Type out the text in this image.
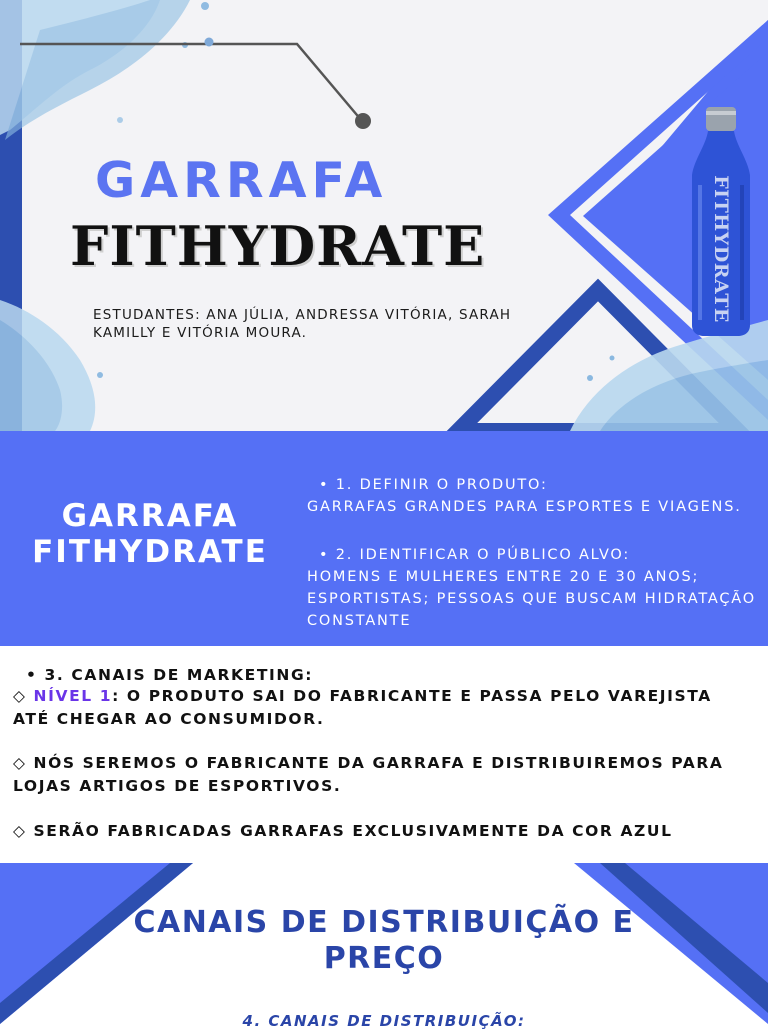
FITHYDRATE
GARRAFA
FITHYDRATE

ESTUDANTES: ANA JÚLIA, ANDRESSA VITÓRIA, SARAH KAMILLY E VITÓRIA MOURA.

GARRAFA FITHYDRATE

• 1. DEFINIR O PRODUTO:
GARRAFAS GRANDES PARA ESPORTES E VIAGENS.

• 2. IDENTIFICAR O PÚBLICO ALVO:
HOMENS E MULHERES ENTRE 20 E 30 ANOS; ESPORTISTAS; PESSOAS QUE BUSCAM HIDRATAÇÃO CONSTANTE

• 3. CANAIS DE MARKETING:

◇ NÍVEL 1: O PRODUTO SAI DO FABRICANTE E PASSA PELO VAREJISTA ATÉ CHEGAR AO CONSUMIDOR.

◇ NÓS SEREMOS O FABRICANTE DA GARRAFA E DISTRIBUIREMOS PARA LOJAS ARTIGOS DE ESPORTIVOS.

◇ SERÃO FABRICADAS GARRAFAS EXCLUSIVAMENTE DA COR AZUL

CANAIS DE DISTRIBUIÇÃO E PREÇO

4. CANAIS DE DISTRIBUIÇÃO:
